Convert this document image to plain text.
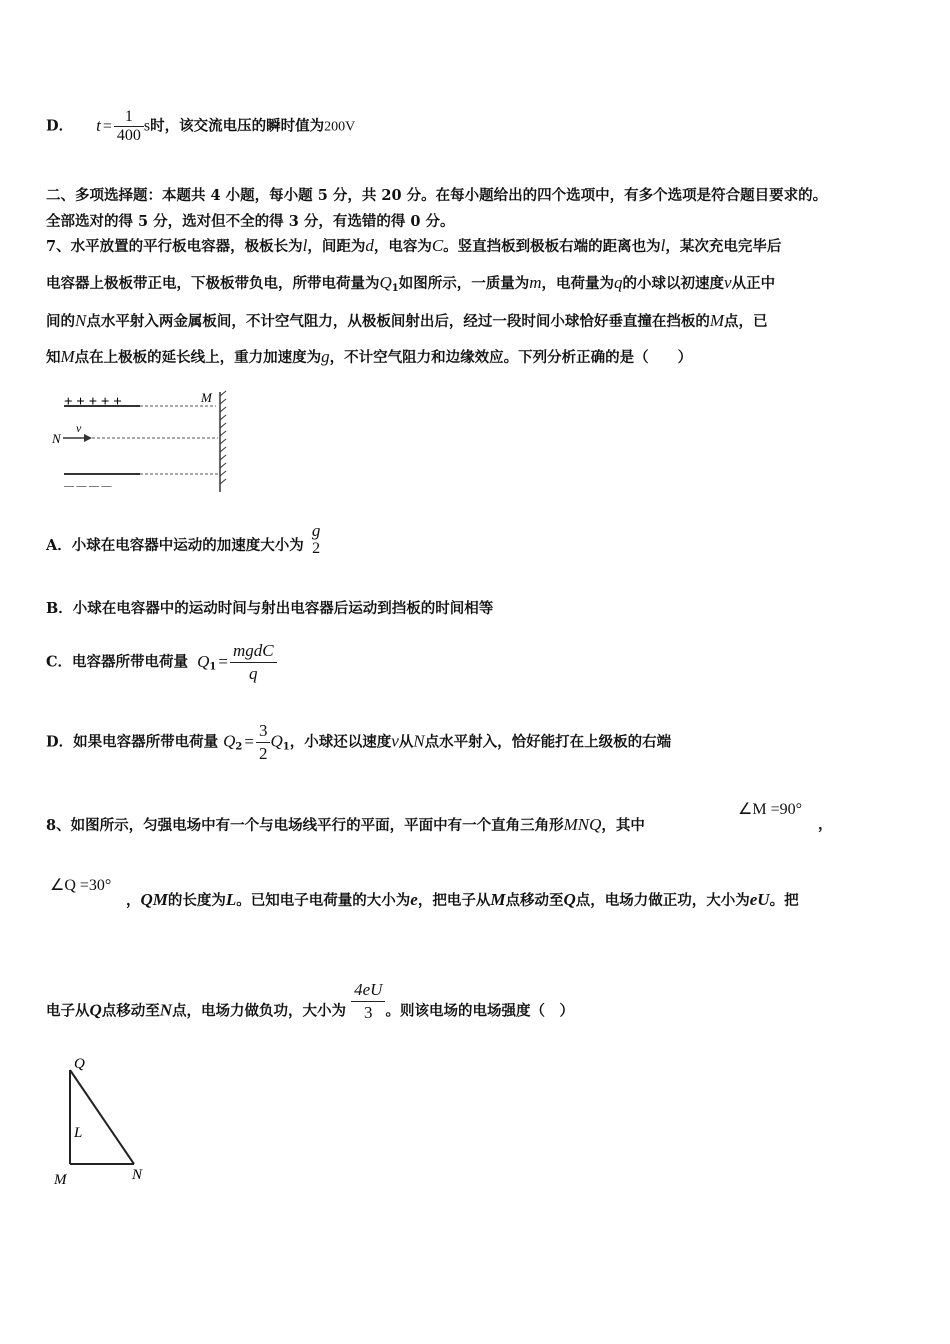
D． $t = \frac{1}{400}$ s时，该交流电压的瞬时值为200V
二、多项选择题：本题共 4 小题，每小题 5 分，共 20 分。在每小题给出的四个选项中，有多个选项是符合题目要求的。
全部选对的得 5 分，选对但不全的得 3 分，有选错的得 0 分。
7、水平放置的平行板电容器，极板长为l，间距为d，电容为C。竖直挡板到极板右端的距离也为l，某次充电完毕后
电容器上极板带正电，下极板带负电，所带电荷量为$Q_1$如图所示，一质量为m，电荷量为q的小球以初速度v从正中
间的N点水平射入两金属板间，不计空气阻力，从极板间射出后，经过一段时间小球恰好垂直撞在挡板的M点，已
知M点在上极板的延长线上，重力加速度为g，不计空气阻力和边缘效应。下列分析正确的是（　　）
+ + + + +	M
N
v
— — — —
A．小球在电容器中运动的加速度大小为
g
2
B．小球在电容器中的运动时间与射出电容器后运动到挡板的时间相等
C．电容器所带电荷量 $Q_1 = \frac{\text{mgdC}}{q}$
D．如果电容器所带电荷量 $Q_2 = \frac{3}{2} Q_1$，小球还以速度v从N点水平射入，恰好能打在上级板的右端
8、如图所示，匀强电场中有一个与电场线平行的平面，平面中有一个直角三角形MNQ，其中
∠M =90°
，
∠Q =30°
，QM的长度为L。已知电子电荷量的大小为e，把电子从M点移动至Q点，电场力做正功，大小为eU。把
电子从Q点移动至N点，电场力做负功，大小为 $\frac{4eU}{3}$ 。则该电场的电场强度（　）
Q
L
M	N
